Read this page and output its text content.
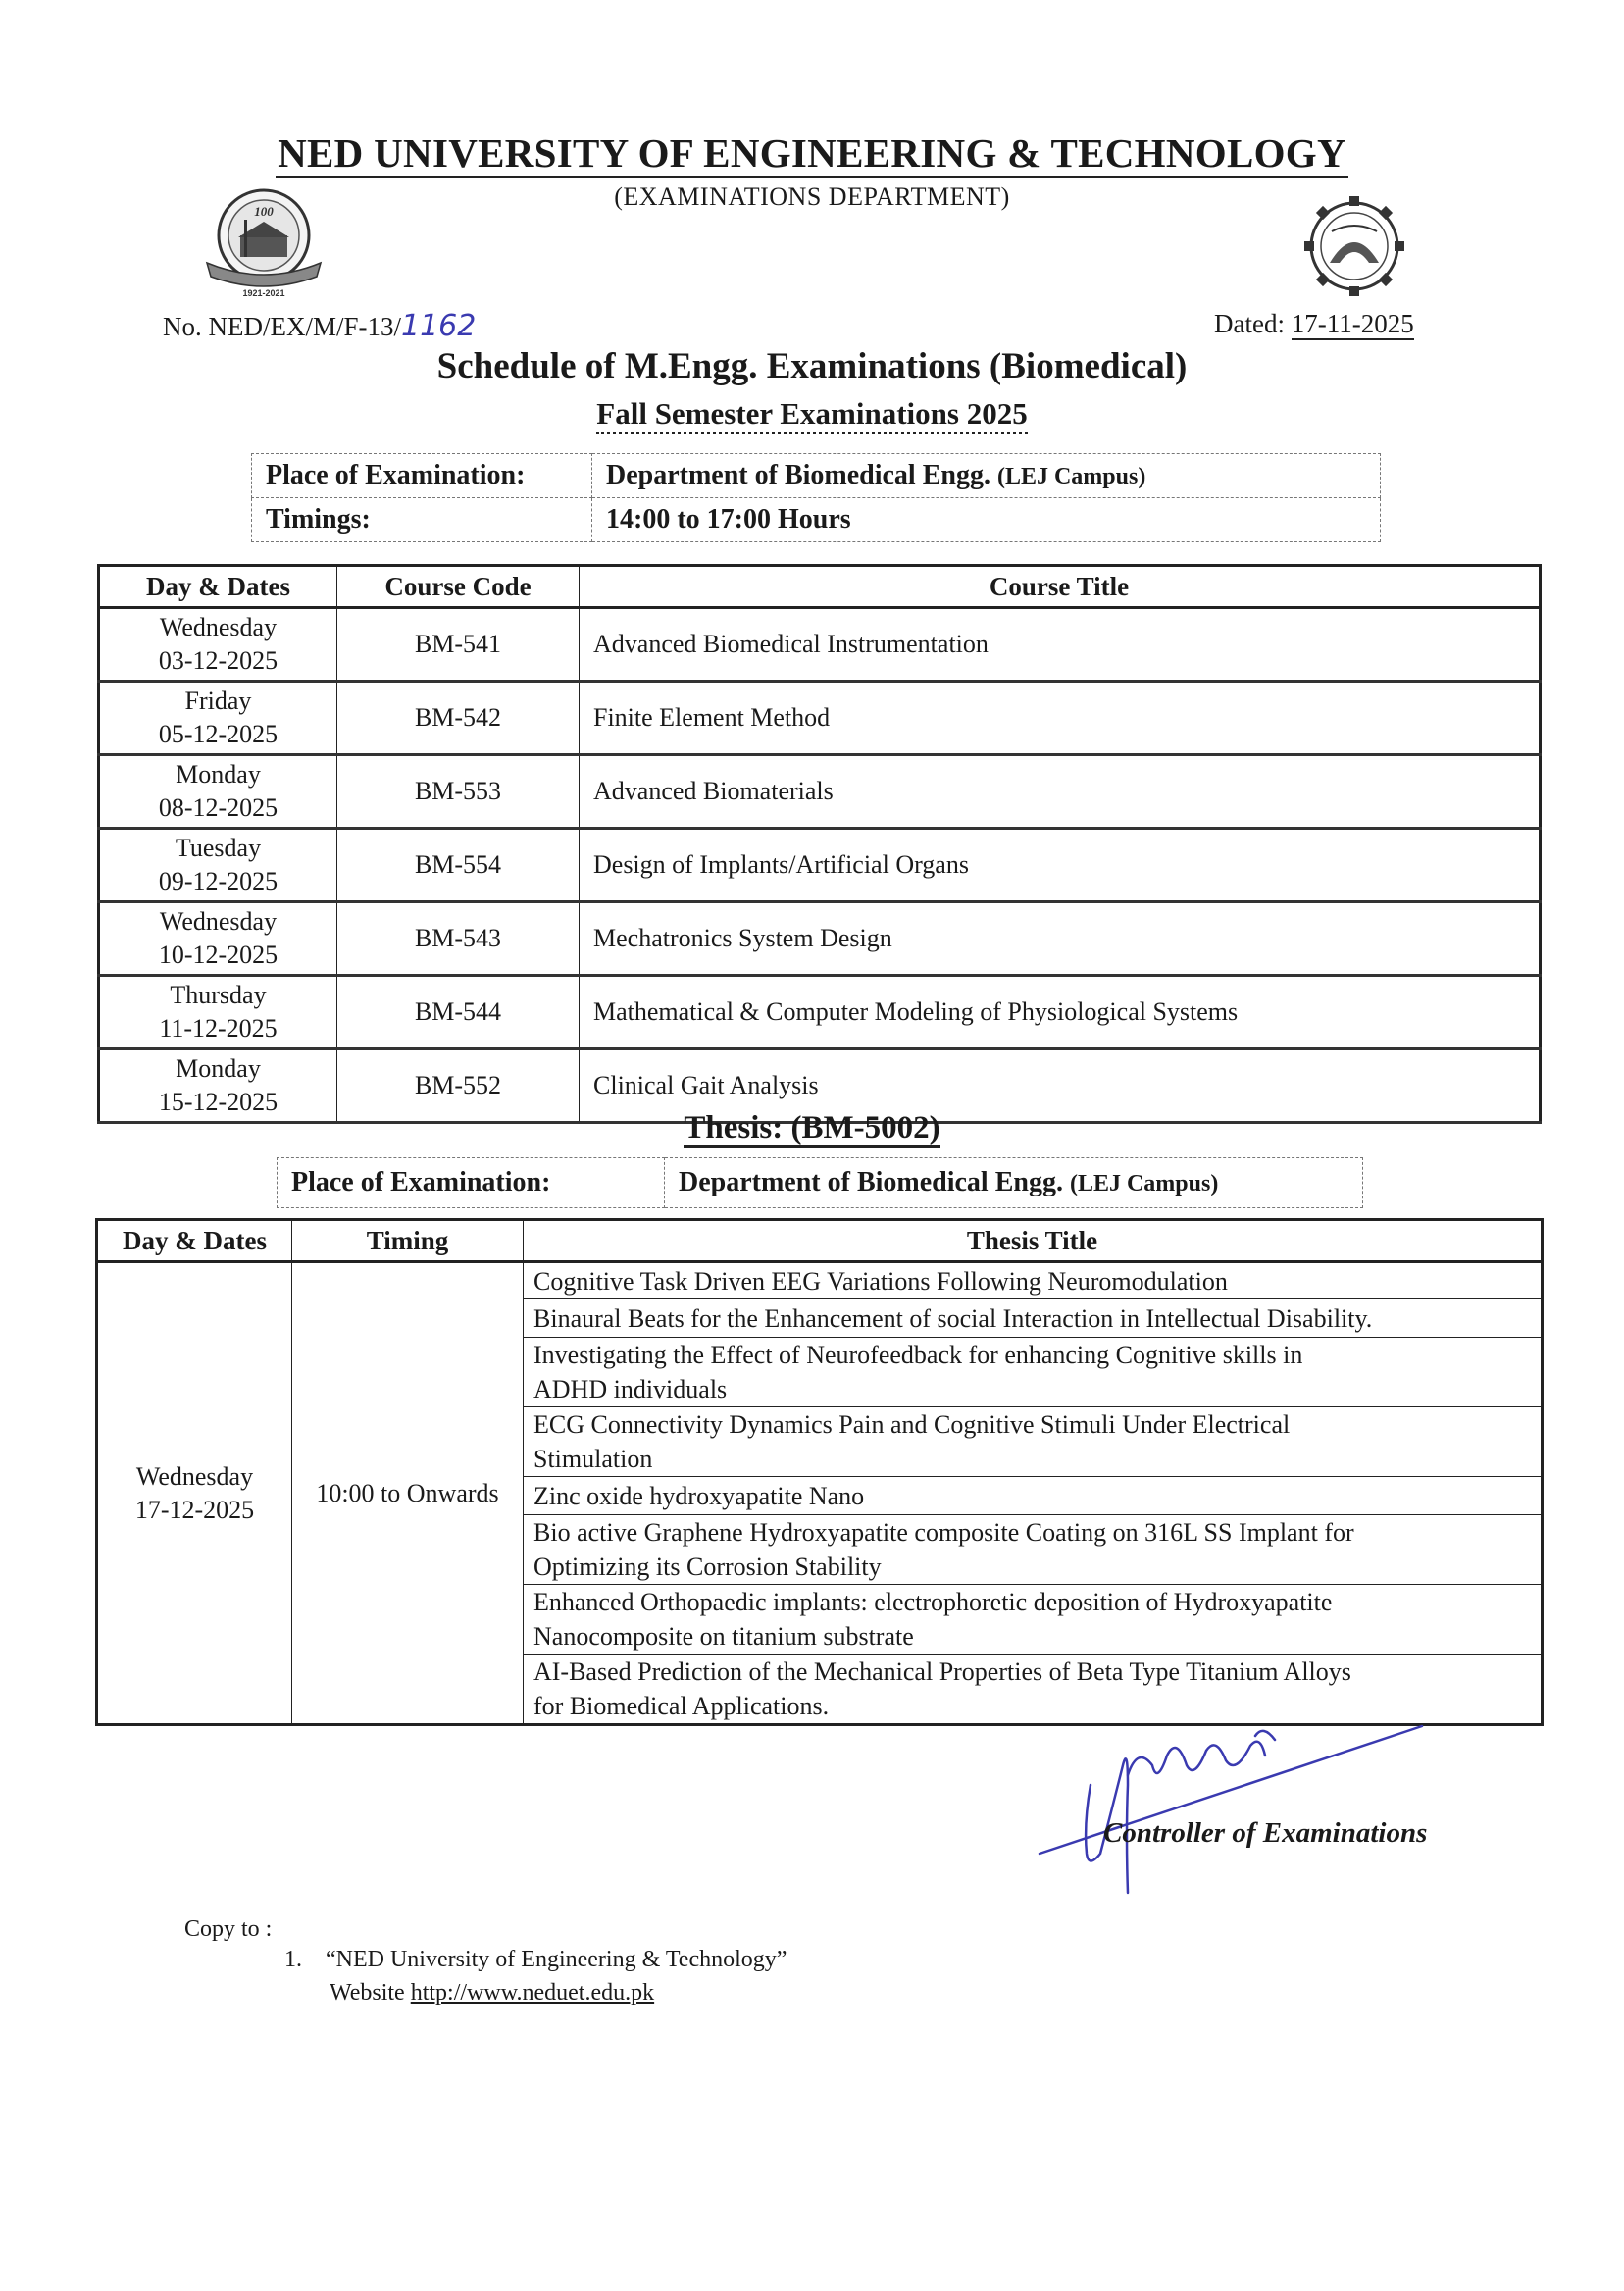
NED UNIVERSITY OF ENGINEERING & TECHNOLOGY
(EXAMINATIONS DEPARTMENT)
100
1921-2021
No. NED/EX/M/F-13/1162	Dated: 17-11-2025
Schedule of M.Engg. Examinations (Biomedical)
Fall Semester Examinations 2025
Place of Examination:	Department of Biomedical Engg. (LEJ Campus)
Timings:	14:00 to 17:00 Hours
Day & Dates	Course Code	Course Title
Wednesday
03-12-2025	BM-541	Advanced Biomedical Instrumentation
Friday
05-12-2025	BM-542	Finite Element Method
Monday
08-12-2025	BM-553	Advanced Biomaterials
Tuesday
09-12-2025	BM-554	Design of Implants/Artificial Organs
Wednesday
10-12-2025	BM-543	Mechatronics System Design
Thursday
11-12-2025	BM-544	Mathematical & Computer Modeling of Physiological Systems
Monday
15-12-2025	BM-552	Clinical Gait Analysis
Thesis: (BM-5002)
Place of Examination:	Department of Biomedical Engg. (LEJ Campus)
Day & Dates	Timing	Thesis Title
Wednesday
17-12-2025	10:00 to Onwards	Cognitive Task Driven EEG Variations Following Neuromodulation
		Binaural Beats for the Enhancement of social Interaction in Intellectual Disability.
		Investigating the Effect of Neurofeedback for enhancing Cognitive skills in
ADHD individuals
		ECG Connectivity Dynamics Pain and Cognitive Stimuli Under Electrical
Stimulation
		Zinc oxide hydroxyapatite Nano
		Bio active Graphene Hydroxyapatite composite Coating on 316L SS Implant for
Optimizing its Corrosion Stability
		Enhanced Orthopaedic implants: electrophoretic deposition of Hydroxyapatite
Nanocomposite on titanium substrate
		AI-Based Prediction of the Mechanical Properties of Beta Type Titanium Alloys
for Biomedical Applications.
Controller of Examinations
Copy to :
1. “NED University of Engineering & Technology”
Website http://www.neduet.edu.pk
